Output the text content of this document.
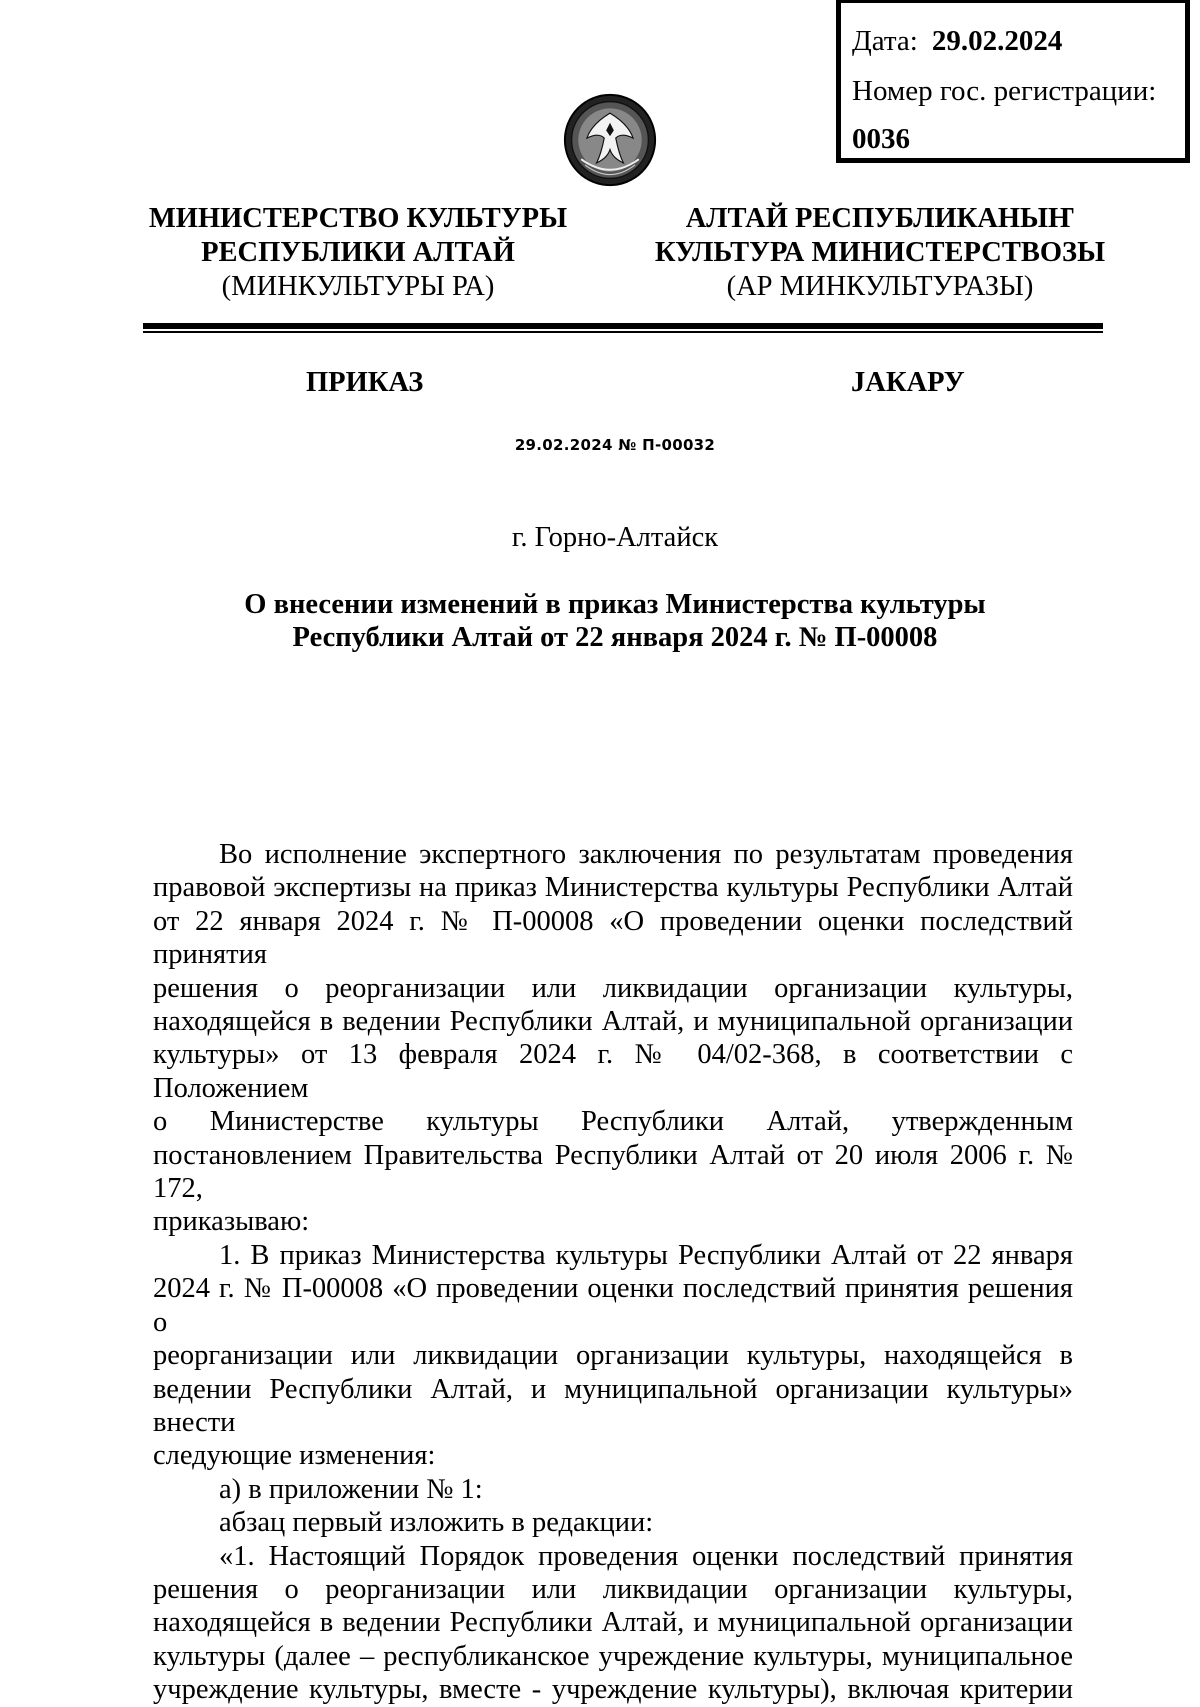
Дата: 29.02.2024
Номер гос. регистрации:
0036
МИНИСТЕРСТВО КУЛЬТУРЫ
РЕСПУБЛИКИ АЛТАЙ
(МИНКУЛЬТУРЫ РА)
АЛТАЙ РЕСПУБЛИКАНЫҤ
КУЛЬТУРА МИНИСТЕРСТВОЗЫ
(АР МИНКУЛЬТУРАЗЫ)
ПРИКАЗ	JАКАРУ
29.02.2024 № П-00032
г. Горно-Алтайск
О внесении изменений в приказ Министерства культуры
Республики Алтай от 22 января 2024 г. № П-00008

Во исполнение экспертного заключения по результатам проведения

правовой экспертизы на приказ Министерства культуры Республики Алтай

от 22 января 2024 г. № П-00008 «О проведении оценки последствий принятия

решения о реорганизации или ликвидации организации культуры,

находящейся в ведении Республики Алтай, и муниципальной организации

культуры» от 13 февраля 2024 г. № 04/02-368, в соответствии с Положением

о Министерстве культуры Республики Алтай, утвержденным

постановлением Правительства Республики Алтай от 20 июля 2006 г. № 172,

приказываю:

1. В приказ Министерства культуры Республики Алтай от 22 января

2024 г. № П-00008 «О проведении оценки последствий принятия решения о

реорганизации или ликвидации организации культуры, находящейся в

ведении Республики Алтай, и муниципальной организации культуры» внести

следующие изменения:

а) в приложении № 1:

абзац первый изложить в редакции:

«1. Настоящий Порядок проведения оценки последствий принятия

решения о реорганизации или ликвидации организации культуры,

находящейся в ведении Республики Алтай, и муниципальной организации

культуры (далее – республиканское учреждение культуры, муниципальное

учреждение культуры, вместе - учреждение культуры), включая критерии
